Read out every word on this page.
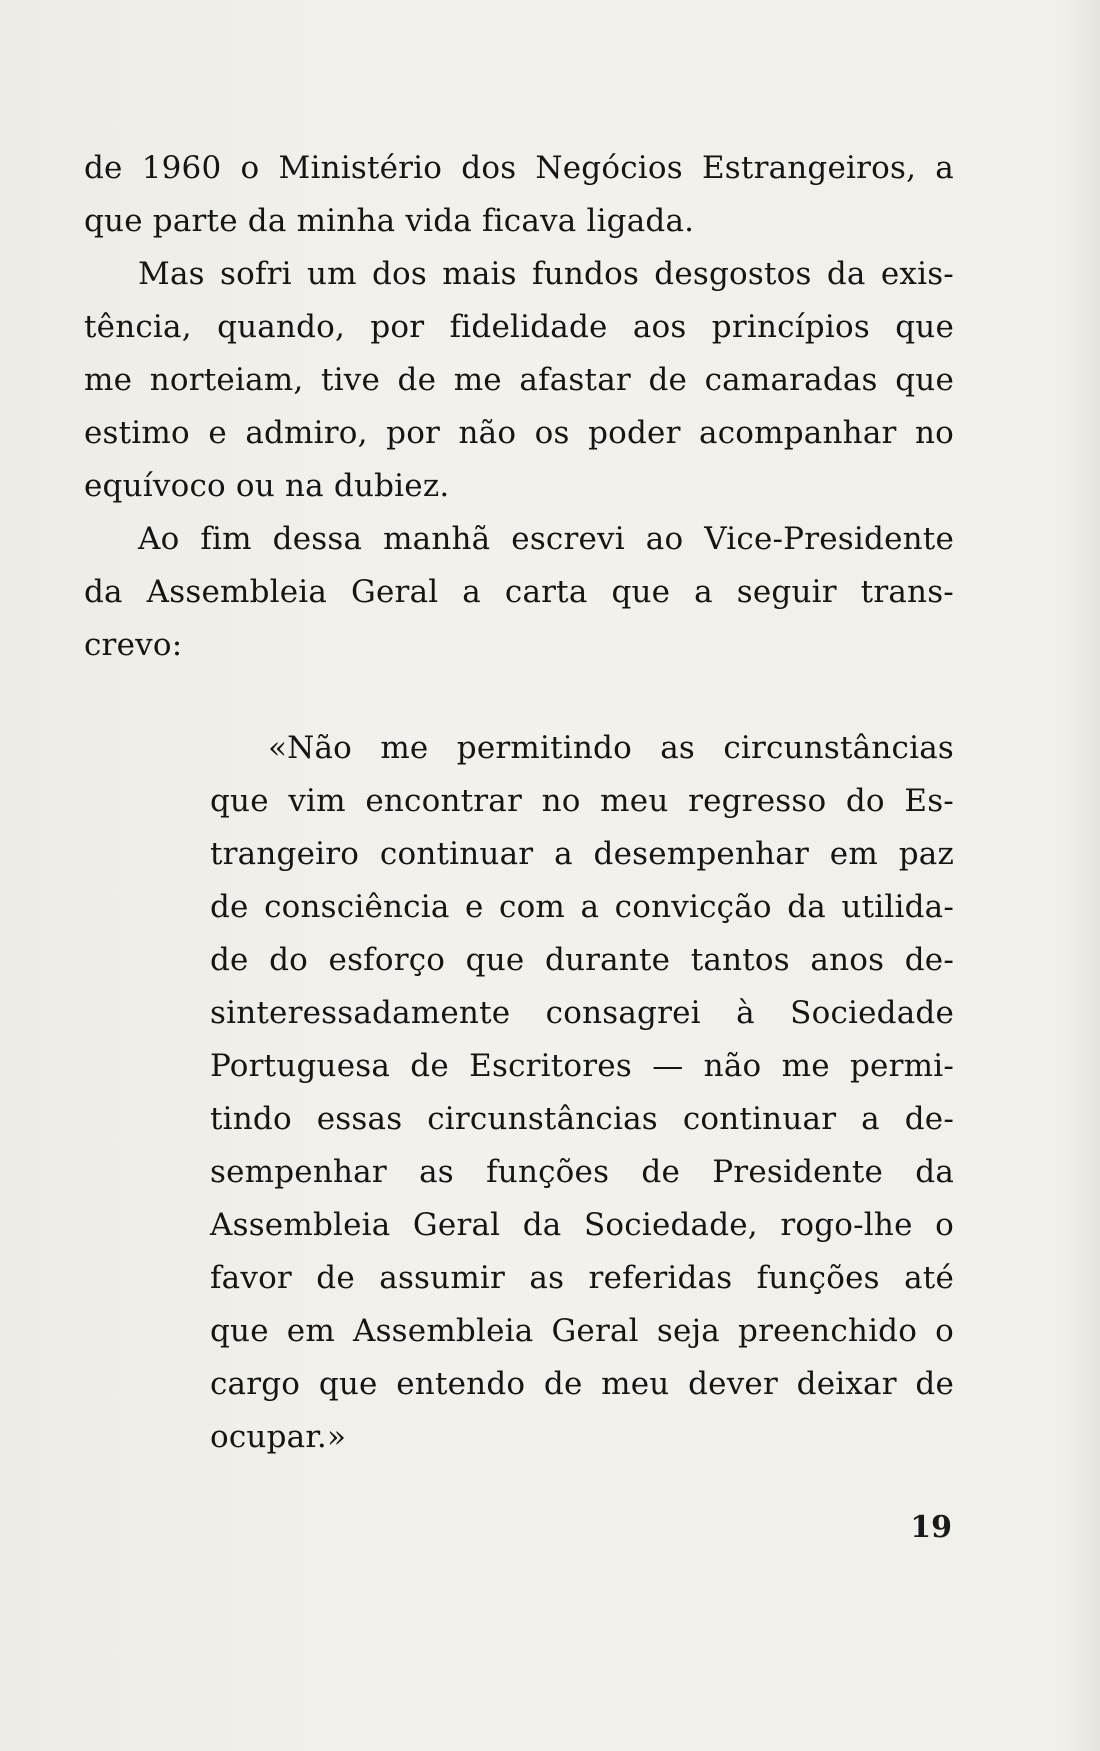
de 1960 o Ministério dos Negócios Estrangeiros, a
que parte da minha vida ficava ligada.
Mas sofri um dos mais fundos desgostos da exis-
tência, quando, por fidelidade aos princípios que
me norteiam, tive de me afastar de camaradas que
estimo e admiro, por não os poder acompanhar no
equívoco ou na dubiez.
Ao fim dessa manhã escrevi ao Vice-Presidente
da Assembleia Geral a carta que a seguir trans-
crevo:
«Não me permitindo as circunstâncias
que vim encontrar no meu regresso do Es-
trangeiro continuar a desempenhar em paz
de consciência e com a convicção da utilida-
de do esforço que durante tantos anos de-
sinteressadamente consagrei à Sociedade
Portuguesa de Escritores — não me permi-
tindo essas circunstâncias continuar a de-
sempenhar as funções de Presidente da
Assembleia Geral da Sociedade, rogo-lhe o
favor de assumir as referidas funções até
que em Assembleia Geral seja preenchido o
cargo que entendo de meu dever deixar de
ocupar.»
19
